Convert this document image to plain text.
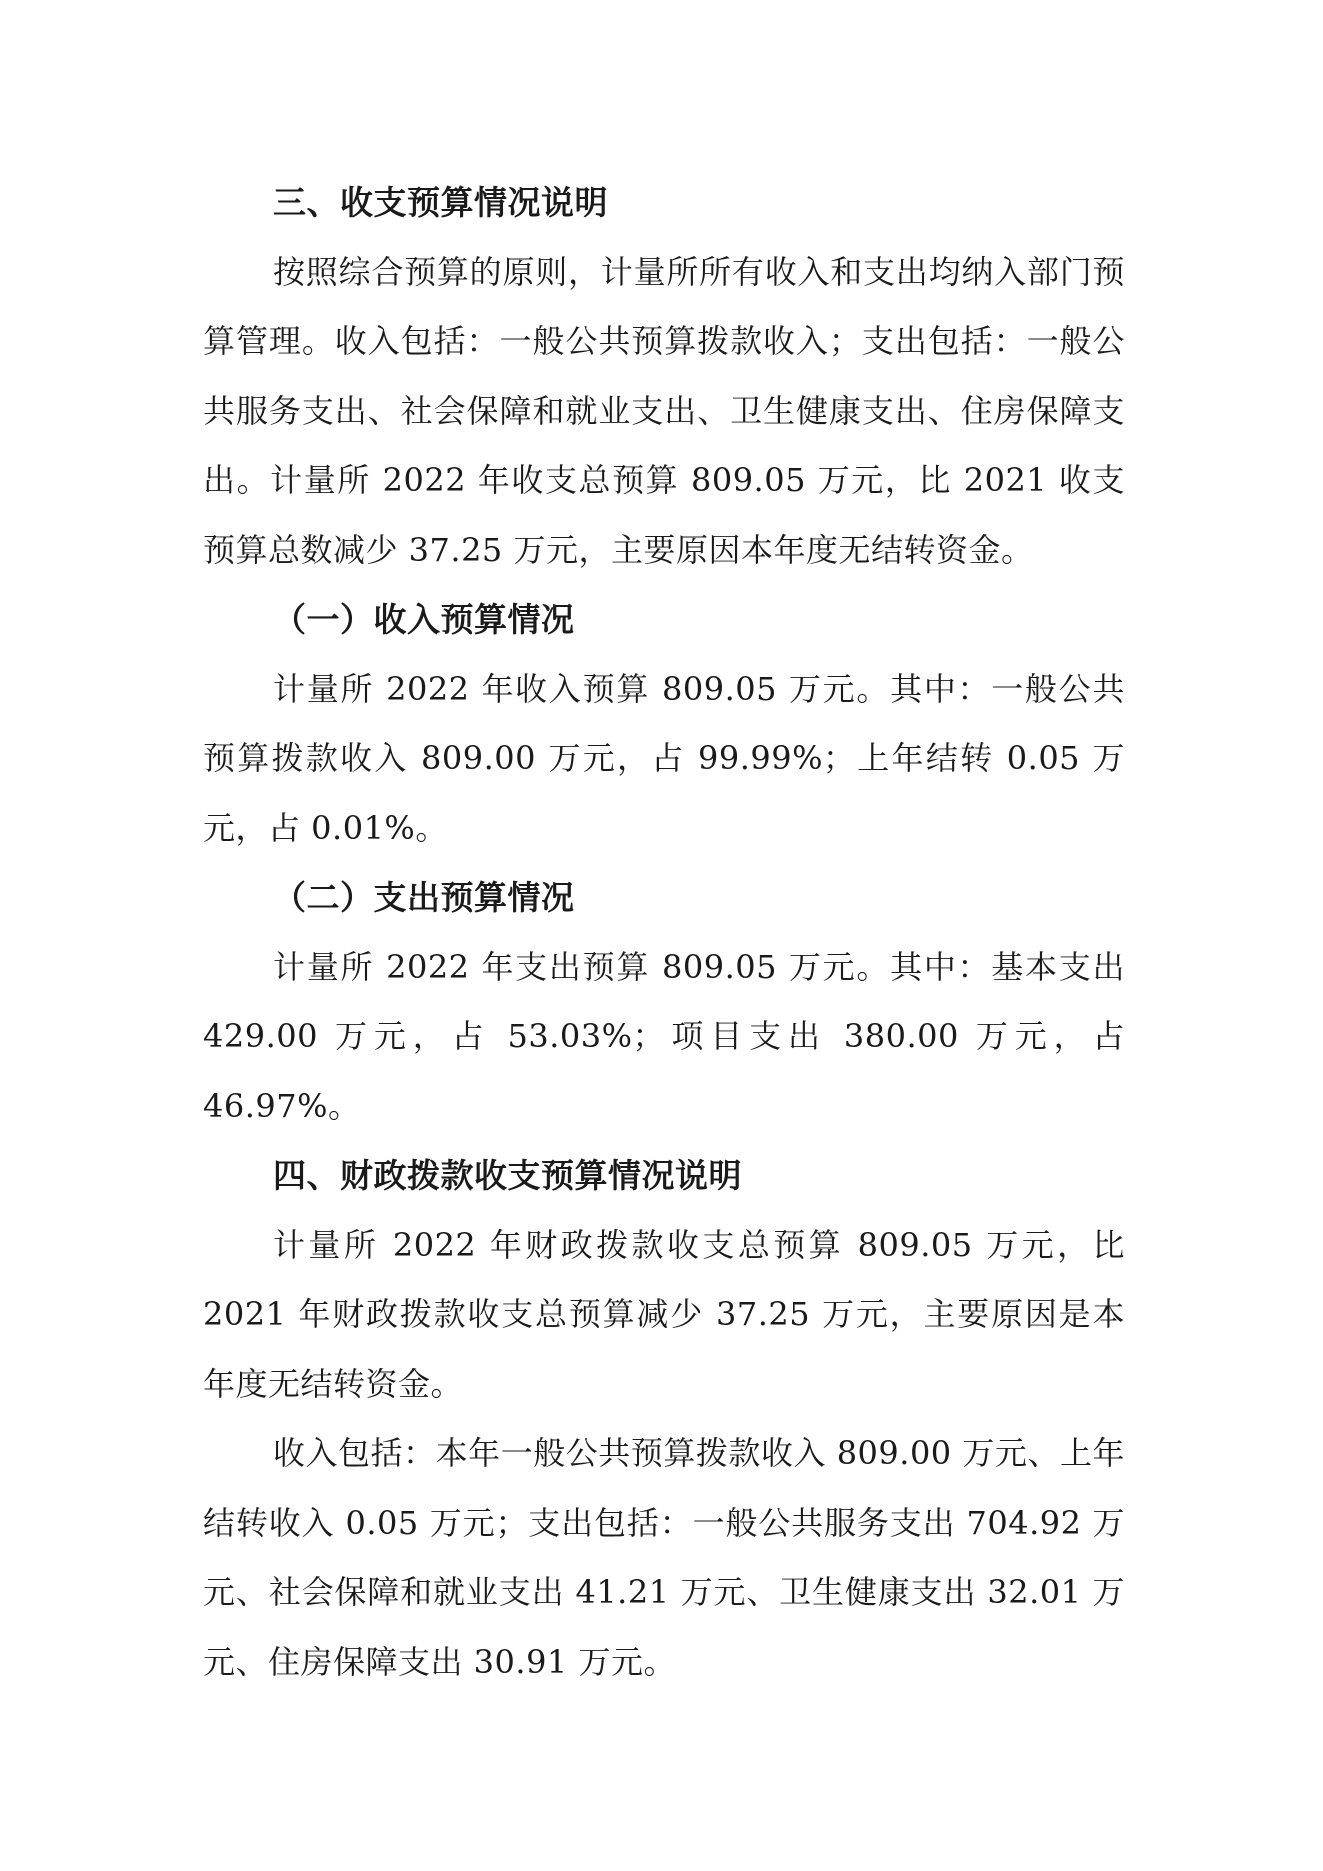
三、收支预算情况说明

按照综合预算的原则，计量所所有收入和支出均纳入部门预算管理。收入包括：一般公共预算拨款收入；支出包括：一般公共服务支出、社会保障和就业支出、卫生健康支出、住房保障支出。计量所 2022 年收支总预算 809.05 万元，比 2021 收支预算总数减少 37.25 万元，主要原因本年度无结转资金。

（一）收入预算情况

计量所 2022 年收入预算 809.05 万元。其中：一般公共预算拨款收入 809.00 万元，占 99.99%；上年结转 0.05 万元，占 0.01%。

（二）支出预算情况

计量所 2022 年支出预算 809.05 万元。其中：基本支出 429.00 万元，占 53.03%；项目支出 380.00 万元，占 46.97%。

四、财政拨款收支预算情况说明

计量所 2022 年财政拨款收支总预算 809.05 万元，比 2021 年财政拨款收支总预算减少 37.25 万元，主要原因是本年度无结转资金。

收入包括：本年一般公共预算拨款收入 809.00 万元、上年结转收入 0.05 万元；支出包括：一般公共服务支出 704.92 万元、社会保障和就业支出 41.21 万元、卫生健康支出 32.01 万元、住房保障支出 30.91 万元。
